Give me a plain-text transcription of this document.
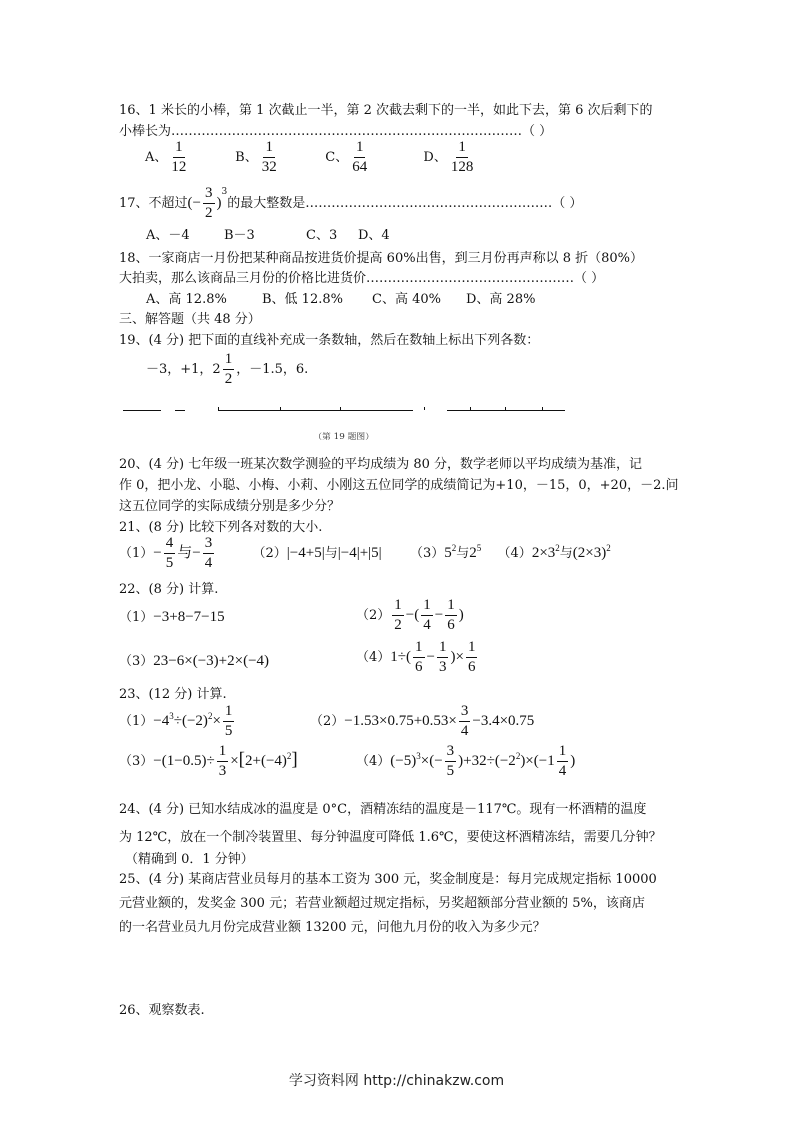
16、1 米长的小棒，第 1 次截止一半，第 2 次截去剩下的一半，如此下去，第 6 次后剩下的
小棒长为………………………………………………………………………（ ）
A、 $\frac{1}{12}$	B、 $\frac{1}{32}$	C、 $\frac{1}{64}$	D、 $\frac{1}{128}$
17、不超过(− $\frac{3}{2} )^3$的最大整数是…………………………………………………（ ）
A、－4	B－3	C、3 D、4
18、一家商店一月份把某种商品按进货价提高 60%出售，到三月份再声称以 8 折（80%）
大拍卖，那么该商品三月份的价格比进货价…………………………………………（ ）
A、高 12.8%	B、低 12.8% C、高 40% D、高 28%
三、解答题（共 48 分）
19、(4 分) 把下面的直线补充成一条数轴，然后在数轴上标出下列各数：
－3，+1，$2 \frac{1}{2}$ ，－1.5，6.
（第 19 题图）
20、(4 分) 七年级一班某次数学测验的平均成绩为 80 分，数学老师以平均成绩为基准，记
作 0，把小龙、小聪、小梅、小莉、小刚这五位同学的成绩简记为+10，－15，0，+20，－2.问
这五位同学的实际成绩分别是多少分？
21、(8 分) 比较下列各对数的大小.
$(1)- \frac{4}{5}$ 与− $\frac{3}{4}$	（2）|−4+5|与|−4|+|5| $(3)5^2$与$2^5$ $(4)2\times 3^2$与$(2\times 3)^2$
22、(8 分) 计算.
（1）−3+8−7−15	$(2) \frac{1}{2}$ −( $\frac{1}{4} - \frac{1}{6}$ )
（3）23−6×(−3)+2×(−4)	$(4)1\div( \frac{1}{6} - \frac{1}{3}$ )× $\frac{1}{6}$
23、(12 分) 计算.
$(1)-4^3\div(-2)^2\times \frac{1}{5}$	$(2)-1.53\times 0.75+0.53\times \frac{3}{4} -3.4\times 0.75$
$(3)-(1-0.5)\div \frac{1}{3} \times[2+(-4)^2]$	$(4)(-5)^3\times(- \frac{3}{5} )+32\div(-2^2)\times(-1 \frac{1}{4}$ )
24、(4 分) 已知水结成冰的温度是 0°C，酒精冻结的温度是－117℃。现有一杯酒精的温度
为 12℃，放在一个制冷装置里、每分钟温度可降低 1.6℃，要使这杯酒精冻结，需要几分钟？
（精确到 0．1 分钟）
25、(4 分) 某商店营业员每月的基本工资为 300 元，奖金制度是：每月完成规定指标 10000
元营业额的，发奖金 300 元；若营业额超过规定指标，另奖超额部分营业额的 5%，该商店
的一名营业员九月份完成营业额 13200 元，问他九月份的收入为多少元？
26、观察数表.
学习资料网 http://chinakzw.com
